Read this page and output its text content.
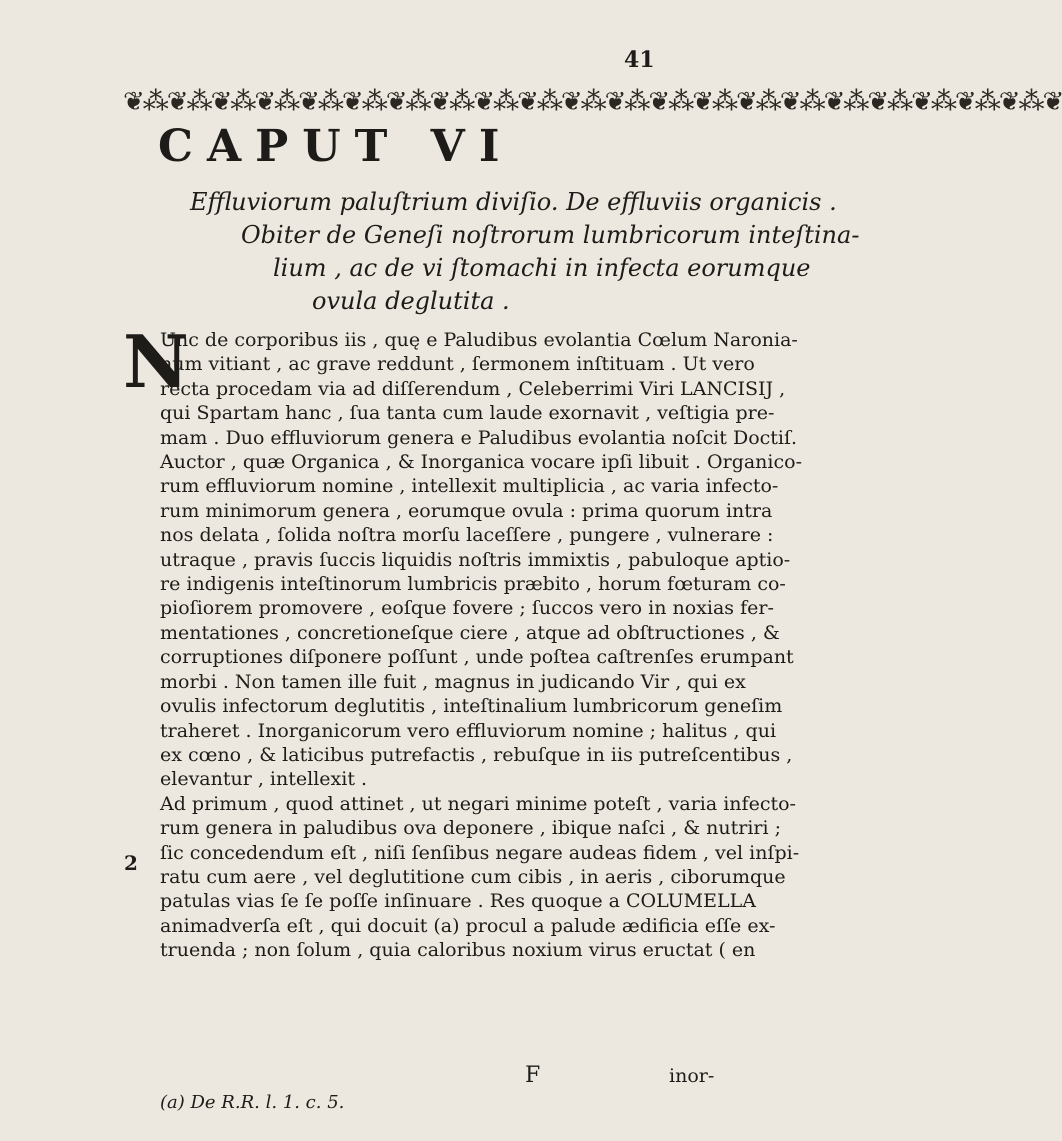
41
❦⁂❦⁂❦⁂❦⁂❦⁂❦⁂❦⁂❦⁂❦⁂❦⁂❦⁂❦⁂❦⁂❦⁂❦⁂❦⁂❦⁂❦⁂❦⁂❦⁂❦⁂❦
CAPUT VI
Effluviorum paluſtrium diviſio. De effluviis organicis .
Obiter de Geneſi noſtrorum lumbricorum inteſtina-
lium , ac de vi ſtomachi in infecta eorumque
ovula deglutita .
N
Unc de corporibus iis , quę e Paludibus evolantia Cœlum Naronia-
num vitiant , ac grave reddunt , ſermonem inſtituam . Ut vero
recta procedam via ad diſſerendum , Celeberrimi Viri LANCISIJ ,
qui Spartam hanc , ſua tanta cum laude exornavit , veſtigia pre-
mam . Duo effluviorum genera e Paludibus evolantia noſcit Doctiſ.
Auctor , quæ Organica , & Inorganica vocare ipſi libuit . Organico-
rum effluviorum nomine , intellexit multiplicia , ac varia infecto-
rum minimorum genera , eorumque ovula : prima quorum intra
nos delata , ſolida noſtra morſu laceſſere , pungere , vulnerare :
utraque , pravis ſuccis liquidis noſtris immixtis , pabuloque aptio-
re indigenis inteſtinorum lumbricis præbito , horum fœturam co-
pioſiorem promovere , eoſque fovere ; ſuccos vero in noxias fer-
mentationes , concretioneſque ciere , atque ad obſtructiones , &
corruptiones diſponere poſſunt , unde poſtea caſtrenſes erumpant
morbi . Non tamen ille fuit , magnus in judicando Vir , qui ex
ovulis infectorum deglutitis , inteſtinalium lumbricorum geneſim
traheret . Inorganicorum vero effluviorum nomine ; halitus , qui
ex cœno , & laticibus putrefactis , rebuſque in iis putreſcentibus ,
elevantur , intellexit .
Ad primum , quod attinet , ut negari minime poteſt , varia infecto-
rum genera in paludibus ova deponere , ibique naſci , & nutriri ;
ſic concedendum eſt , niſi ſenſibus negare audeas fidem , vel inſpi-
ratu cum aere , vel deglutitione cum cibis , in aeris , ciborumque
patulas vias ſe ſe poſſe inſinuare . Res quoque a COLUMELLA
animadverſa eſt , qui docuit (a) procul a palude ædificia eſſe ex-
truenda ; non ſolum , quia caloribus noxium virus eructat ( en
2
F	inor-
(a) De R.R. l. 1. c. 5.
